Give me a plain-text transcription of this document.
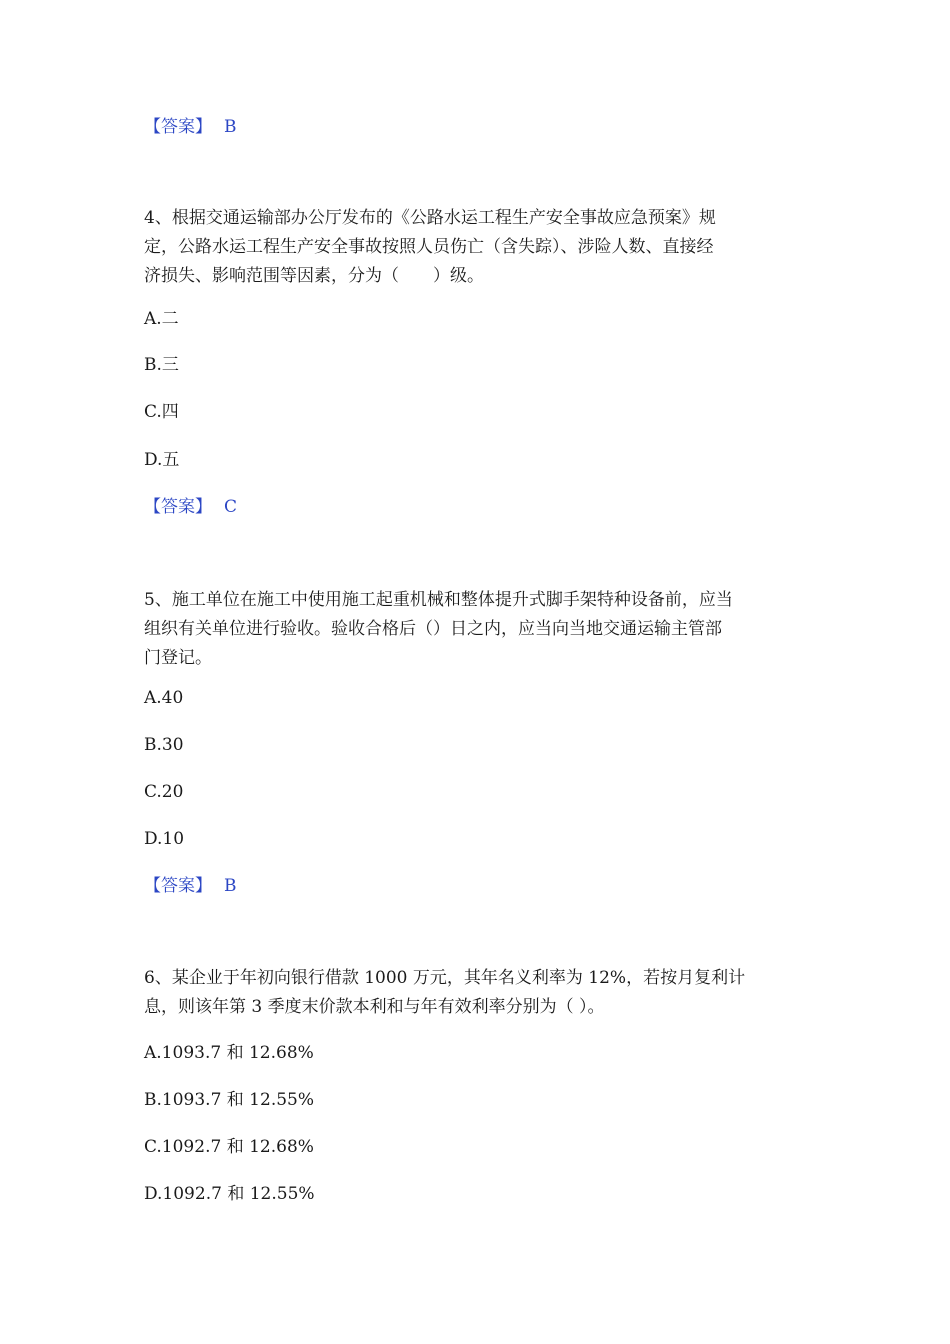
【答案】 B
4、根据交通运输部办公厅发布的《公路水运工程生产安全事故应急预案》规
定，公路水运工程生产安全事故按照人员伤亡（含失踪）、涉险人数、直接经
济损失、影响范围等因素，分为（　　）级。
A.二
B.三
C.四
D.五
【答案】 C
5、施工单位在施工中使用施工起重机械和整体提升式脚手架特种设备前，应当
组织有关单位进行验收。验收合格后（）日之内，应当向当地交通运输主管部
门登记。
A.40
B.30
C.20
D.10
【答案】 B
6、某企业于年初向银行借款 1000 万元，其年名义利率为 12%，若按月复利计
息，则该年第 3 季度末价款本利和与年有效利率分别为（ ）。
A.1093.7 和 12.68%
B.1093.7 和 12.55%
C.1092.7 和 12.68%
D.1092.7 和 12.55%
